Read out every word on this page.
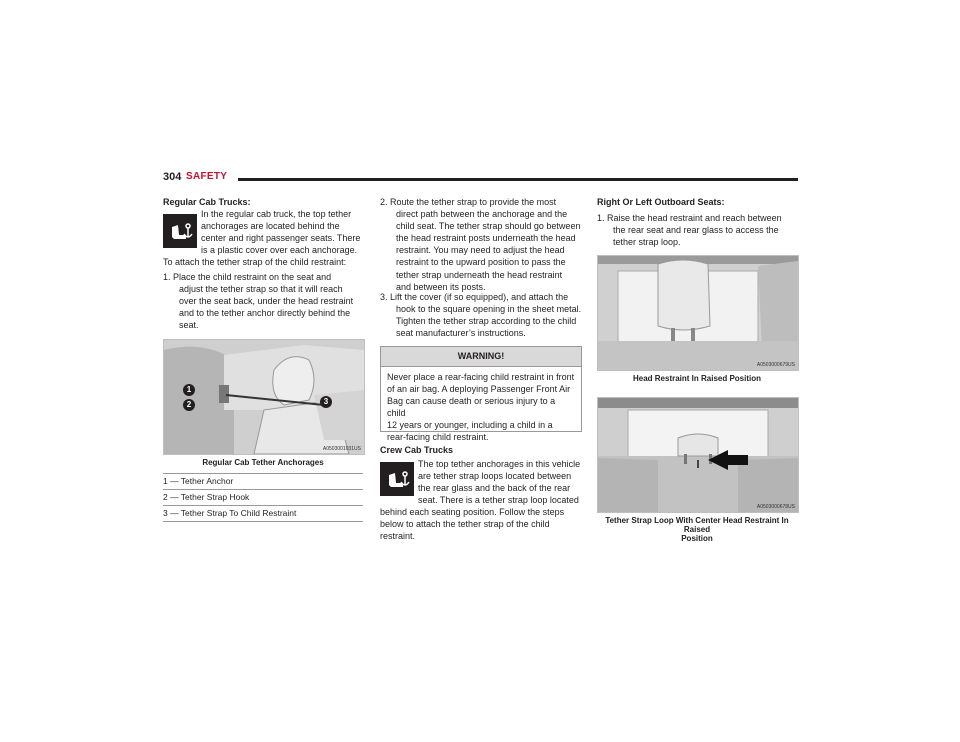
304 SAFETY
Regular Cab Trucks:
In the regular cab truck, the top tether
anchorages are located behind the
center and right passenger seats. There
is a plastic cover over each anchorage.
To attach the tether strap of the child restraint:
1. Place the child restraint on the seat and
adjust the tether strap so that it will reach
over the seat back, under the head restraint
and to the tether anchor directly behind the
seat.
1
2	3
A0503001031US
Regular Cab Tether Anchorages
1 — Tether Anchor
2 — Tether Strap Hook
3 — Tether Strap To Child Restraint
2. Route the tether strap to provide the most
direct path between the anchorage and the
child seat. The tether strap should go between
the head restraint posts underneath the head
restraint. You may need to adjust the head
restraint to the upward position to pass the
tether strap underneath the head restraint
and between its posts.
3. Lift the cover (if so equipped), and attach the
hook to the square opening in the sheet metal.
Tighten the tether strap according to the child
seat manufacturer’s instructions.
WARNING!
Never place a rear-facing child restraint in front
of an air bag. A deploying Passenger Front Air
Bag can cause death or serious injury to a child
12 years or younger, including a child in a
rear-facing child restraint.
Crew Cab Trucks
The top tether anchorages in this vehicle
are tether strap loops located between
the rear glass and the back of the rear
seat. There is a tether strap loop located
behind each seating position. Follow the steps
below to attach the tether strap of the child
restraint.
Right Or Left Outboard Seats:
1. Raise the head restraint and reach between
the rear seat and rear glass to access the
tether strap loop.
A0503000679US
Head Restraint In Raised Position
A0503000678US
Tether Strap Loop With Center Head Restraint In Raised
Position
